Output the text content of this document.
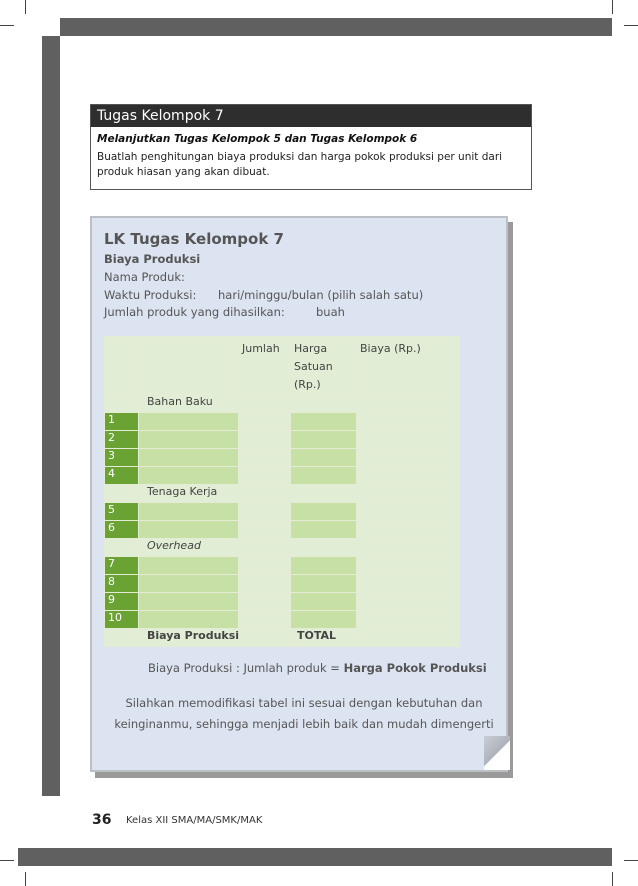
Tugas Kelompok 7
Melanjutkan Tugas Kelompok 5 dan Tugas Kelompok 6
Buatlah penghitungan biaya produksi dan harga pokok produksi per unit dari produk hiasan yang akan dibuat.
LK Tugas Kelompok 7
Biaya Produksi
Nama Produk:
Waktu Produksi: hari/minggu/bulan (pilih salah satu)
Jumlah produk yang dihasilkan:	buah
		Jumlah	Harga Satuan (Rp.)	Biaya (Rp.)
	Bahan Baku			
1				
2				
3				
4				
	Tenaga Kerja			
5				
6				
	Overhead			
7				
8				
9				
10				
	Biaya Produksi		TOTAL	
Biaya Produksi : Jumlah produk = Harga Pokok Produksi
Silahkan memodifikasi tabel ini sesuai dengan kebutuhan dan keinginanmu, sehingga menjadi lebih baik dan mudah dimengerti
36 Kelas XII SMA/MA/SMK/MAK
